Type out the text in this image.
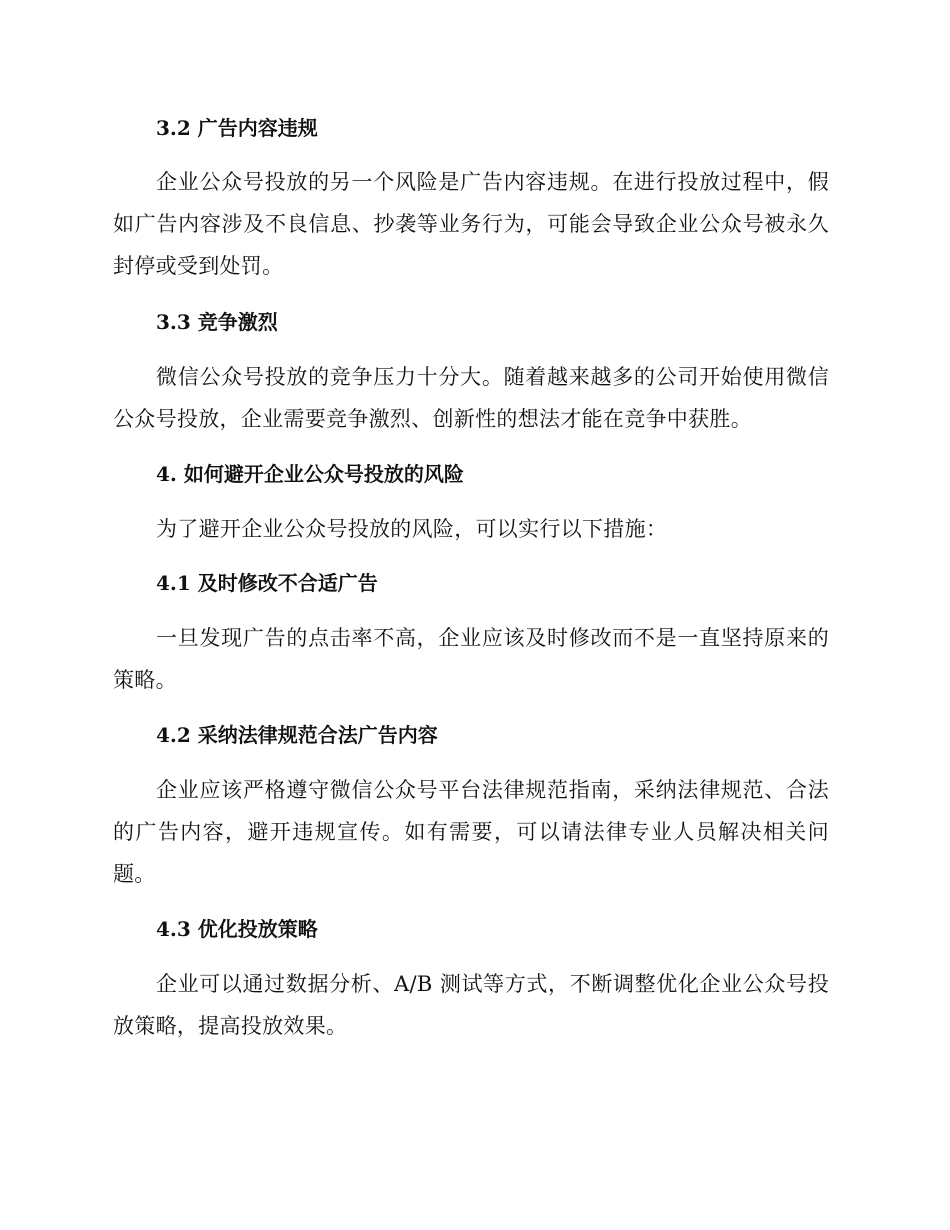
3.2 广告内容违规
企业公众号投放的另一个风险是广告内容违规。在进行投放过程中，假如广告内容涉及不良信息、抄袭等业务行为，可能会导致企业公众号被永久封停或受到处罚。
3.3 竞争激烈
微信公众号投放的竞争压力十分大。随着越来越多的公司开始使用微信公众号投放，企业需要竞争激烈、创新性的想法才能在竞争中获胜。
4. 如何避开企业公众号投放的风险
为了避开企业公众号投放的风险，可以实行以下措施：
4.1 及时修改不合适广告
一旦发现广告的点击率不高，企业应该及时修改而不是一直坚持原来的策略。
4.2 采纳法律规范合法广告内容
企业应该严格遵守微信公众号平台法律规范指南，采纳法律规范、合法的广告内容，避开违规宣传。如有需要，可以请法律专业人员解决相关问题。
4.3 优化投放策略
企业可以通过数据分析、A/B 测试等方式，不断调整优化企业公众号投放策略，提高投放效果。
